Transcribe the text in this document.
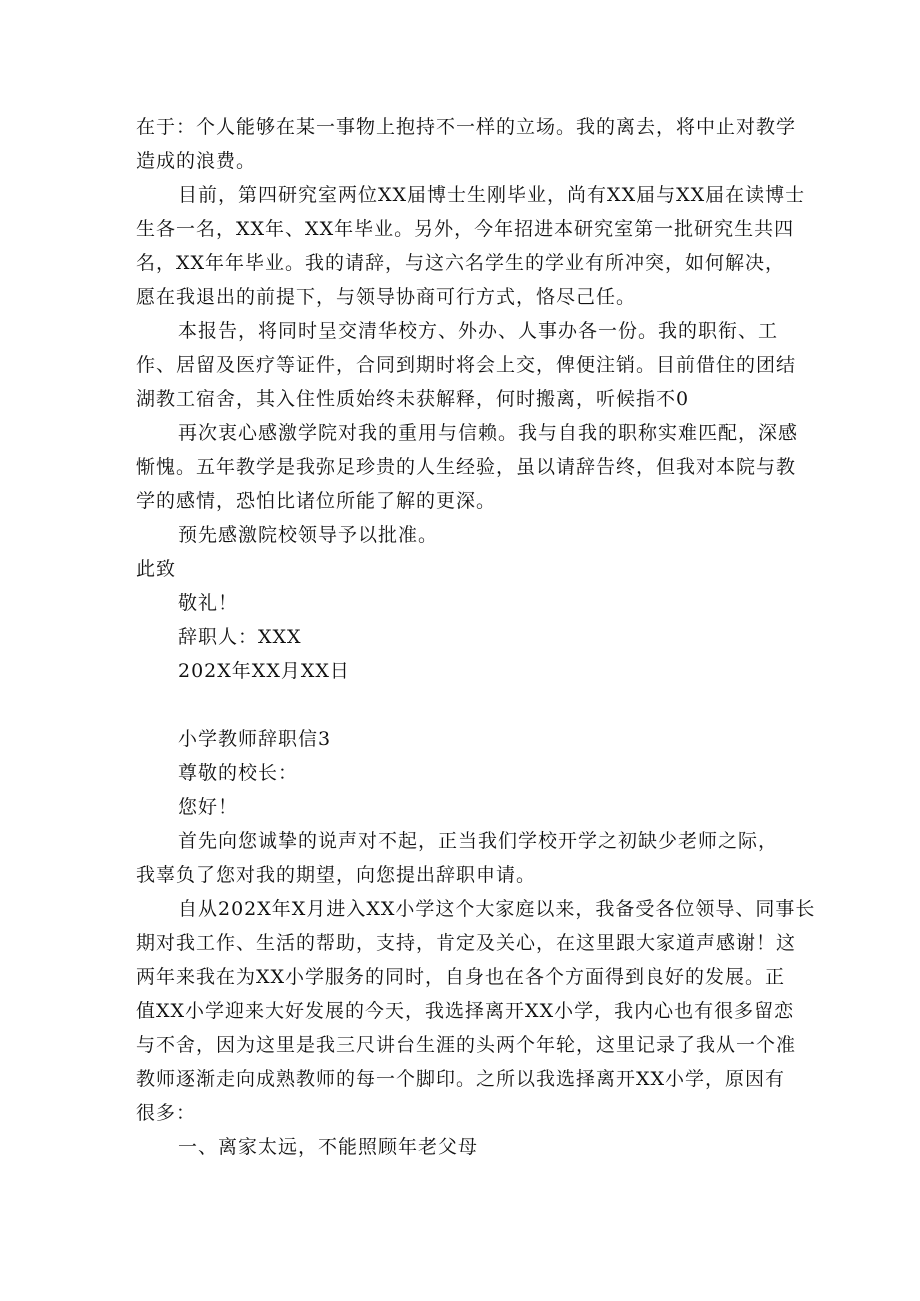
在于：个人能够在某一事物上抱持不一样的立场。我的离去，将中止对教学
造成的浪费。
目前，第四研究室两位XX届博士生刚毕业，尚有XX届与XX届在读博士
生各一名，XX年、XX年毕业。另外，今年招进本研究室第一批研究生共四
名，XX年年毕业。我的请辞，与这六名学生的学业有所冲突，如何解决，
愿在我退出的前提下，与领导协商可行方式，恪尽己任。
本报告，将同时呈交清华校方、外办、人事办各一份。我的职衔、工
作、居留及医疗等证件，合同到期时将会上交，俾便注销。目前借住的团结
湖教工宿舍，其入住性质始终未获解释，何时搬离，听候指不0
再次衷心感激学院对我的重用与信赖。我与自我的职称实难匹配，深感
惭愧。五年教学是我弥足珍贵的人生经验，虽以请辞告终，但我对本院与教
学的感情，恐怕比诸位所能了解的更深。
预先感激院校领导予以批准。
此致
敬礼！
辞职人：XXX
202X年XX月XX日
小学教师辞职信3
尊敬的校长：
您好！
首先向您诚挚的说声对不起，正当我们学校开学之初缺少老师之际，
我辜负了您对我的期望，向您提出辞职申请。
自从202X年X月进入XX小学这个大家庭以来，我备受各位领导、同事长
期对我工作、生活的帮助，支持，肯定及关心，在这里跟大家道声感谢！这
两年来我在为XX小学服务的同时，自身也在各个方面得到良好的发展。正
值XX小学迎来大好发展的今天，我选择离开XX小学，我内心也有很多留恋
与不舍，因为这里是我三尺讲台生涯的头两个年轮，这里记录了我从一个准
教师逐渐走向成熟教师的每一个脚印。之所以我选择离开XX小学，原因有
很多：
一、离家太远，不能照顾年老父母
